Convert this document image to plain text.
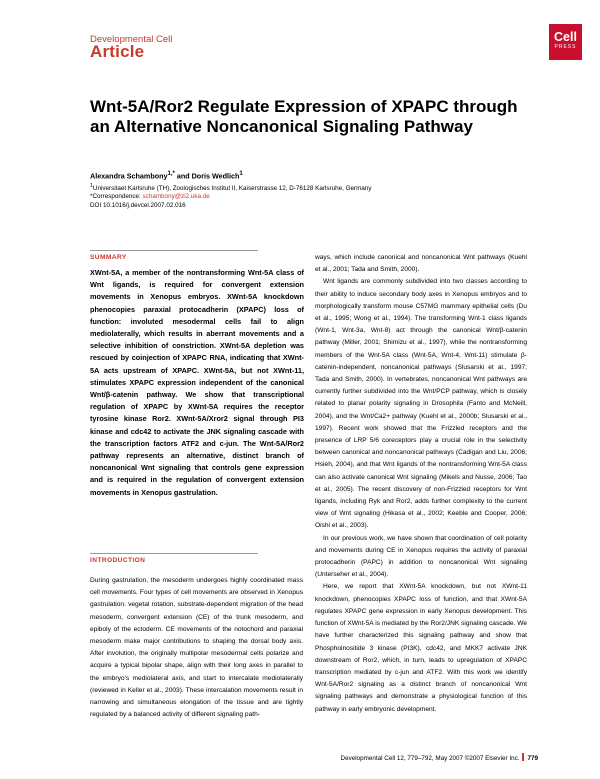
Developmental Cell
Article
Cell
PRESS
Wnt-5A/Ror2 Regulate Expression of XPAPC through an Alternative Noncanonical Signaling Pathway
Alexandra Schambony$^{1,*}$ and Doris Wedlich$^1$
$^1$Universitaet Karlsruhe (TH), Zoologisches Institut II, Kaiserstrasse 12, D-76128 Karlsruhe, Germany
*Correspondence: schambony@zi2.uka.de
DOI 10.1016/j.devcel.2007.02.016
SUMMARY
XWnt-5A, a member of the nontransforming Wnt-5A class of Wnt ligands, is required for convergent extension movements in Xenopus embryos. XWnt-5A knockdown phenocopies paraxial protocadherin (XPAPC) loss of function: involuted mesodermal cells fail to align mediolaterally, which results in aberrant movements and a selective inhibition of constriction. XWnt-5A depletion was rescued by coinjection of XPAPC RNA, indicating that XWnt-5A acts upstream of XPAPC. XWnt-5A, but not XWnt-11, stimulates XPAPC expression independent of the canonical Wnt/β-catenin pathway. We show that transcriptional regulation of XPAPC by XWnt-5A requires the receptor tyrosine kinase Ror2. XWnt-5A/Xror2 signal through PI3 kinase and cdc42 to activate the JNK signaling cascade with the transcription factors ATF2 and c-jun. The Wnt-5A/Ror2 pathway represents an alternative, distinct branch of noncanonical Wnt signaling that controls gene expression and is required in the regulation of convergent extension movements in Xenopus gastrulation.
INTRODUCTION
During gastrulation, the mesoderm undergoes highly coordinated mass cell movements. Four types of cell movements are observed in Xenopus gastrulation: vegetal rotation, substrate-dependent migration of the head mesoderm, convergent extension (CE) of the trunk mesoderm, and epiboly of the ectoderm. CE movements of the notochord and paraxial mesoderm make major contributions to shaping the dorsal body axis. After involution, the originally multipolar mesodermal cells polarize and acquire a typical bipolar shape, align with their long axes in parallel to the embryo's mediolateral axis, and start to intercalate mediolaterally (reviewed in Keller et al., 2003). These intercalation movements result in narrowing and simultaneous elongation of the tissue and are tightly regulated by a balanced activity of different signaling path-

ways, which include canonical and noncanonical Wnt pathways (Kuehl et al., 2001; Tada and Smith, 2000).

Wnt ligands are commonly subdivided into two classes according to their ability to induce secondary body axes in Xenopus embryos and to morphologically transform mouse C57MG mammary epithelial cells (Du et al., 1995; Wong et al., 1994). The transforming Wnt-1 class ligands (Wnt-1, Wnt-3a, Wnt-8) act through the canonical Wnt/β-catenin pathway (Miller, 2001; Shimizu et al., 1997), while the nontransforming members of the Wnt-5A class (Wnt-5A, Wnt-4, Wnt-11) stimulate β-catenin-independent, noncanonical pathways (Slusarski et al., 1997; Tada and Smith, 2000). In vertebrates, noncanonical Wnt pathways are currently further subdivided into the Wnt/PCP pathway, which is closely related to planar polarity signaling in Drosophila (Fanto and McNeill, 2004), and the Wnt/Ca2+ pathway (Kuehl et al., 2000b; Slusarski et al., 1997). Recent work showed that the Frizzled receptors and the presence of LRP 5/6 coreceptors play a crucial role in the selectivity between canonical and noncanonical pathways (Cadigan and Liu, 2006; Hsieh, 2004), and that Wnt ligands of the nontransforming Wnt-5A class can also activate canonical Wnt signaling (Mikels and Nusse, 2006; Tao et al., 2005). The recent discovery of non-Frizzled receptors for Wnt ligands, including Ryk and Ror2, adds further complexity to the current view of Wnt signaling (Hikasa et al., 2002; Keeble and Cooper, 2006; Oishi et al., 2003).

In our previous work, we have shown that coordination of cell polarity and movements during CE in Xenopus requires the activity of paraxial protocadherin (PAPC) in addition to noncanonical Wnt signaling (Unterseher et al., 2004).

Here, we report that XWnt-5A knockdown, but not XWnt-11 knockdown, phenocopies XPAPC loss of function, and that XWnt-5A regulates XPAPC gene expression in early Xenopus development. This function of XWnt-5A is mediated by the Ror2/JNK signaling cascade. We have further characterized this signaling pathway and show that Phosphoinositide 3 kinase (PI3K), cdc42, and MKK7 activate JNK downstream of Ror2, which, in turn, leads to upregulation of XPAPC transcription mediated by c-jun and ATF2. With this work we identify Wnt-5A/Ror2 signaling as a distinct branch of noncanonical Wnt signaling pathways and demonstrate a physiological function of this pathway in early embryonic development.

Developmental Cell 12, 779–792, May 2007 ©2007 Elsevier Inc. 779
